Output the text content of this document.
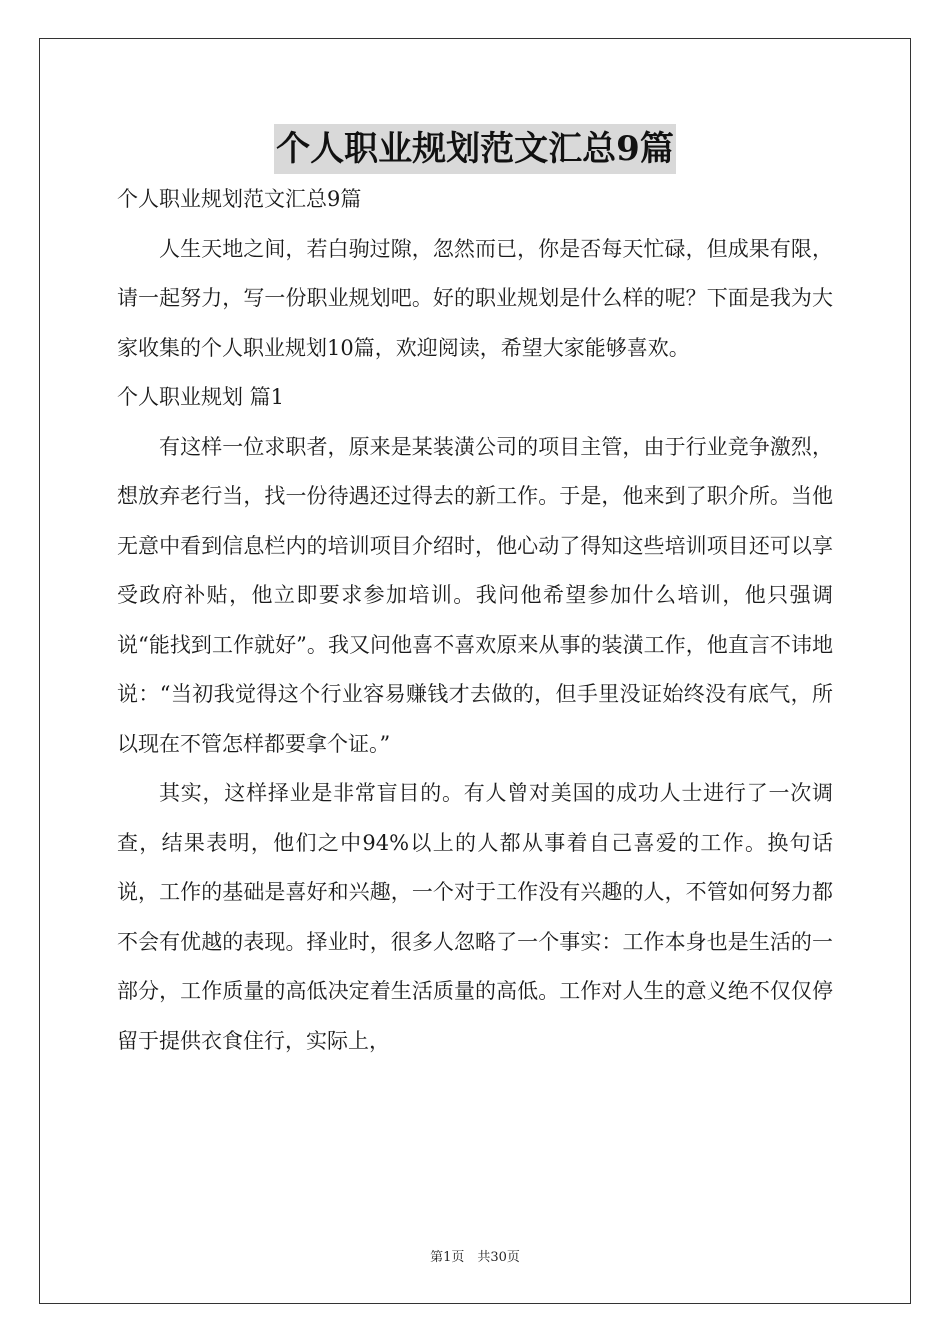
个人职业规划范文汇总9篇

个人职业规划范文汇总9篇

人生天地之间，若白驹过隙，忽然而已，你是否每天忙碌，但成果有限，请一起努力，写一份职业规划吧。好的职业规划是什么样的呢？下面是我为大家收集的个人职业规划10篇，欢迎阅读，希望大家能够喜欢。

个人职业规划 篇1

有这样一位求职者，原来是某装潢公司的项目主管，由于行业竞争激烈，想放弃老行当，找一份待遇还过得去的新工作。于是，他来到了职介所。当他无意中看到信息栏内的培训项目介绍时，他心动了得知这些培训项目还可以享受政府补贴，他立即要求参加培训。我问他希望参加什么培训，他只强调说“能找到工作就好”。我又问他喜不喜欢原来从事的装潢工作，他直言不讳地说：“当初我觉得这个行业容易赚钱才去做的，但手里没证始终没有底气，所以现在不管怎样都要拿个证。”

其实，这样择业是非常盲目的。有人曾对美国的成功人士进行了一次调查，结果表明，他们之中94%以上的人都从事着自己喜爱的工作。换句话说，工作的基础是喜好和兴趣，一个对于工作没有兴趣的人，不管如何努力都不会有优越的表现。择业时，很多人忽略了一个事实：工作本身也是生活的一部分，工作质量的高低决定着生活质量的高低。工作对人生的意义绝不仅仅停留于提供衣食住行，实际上，

第1页　共30页
